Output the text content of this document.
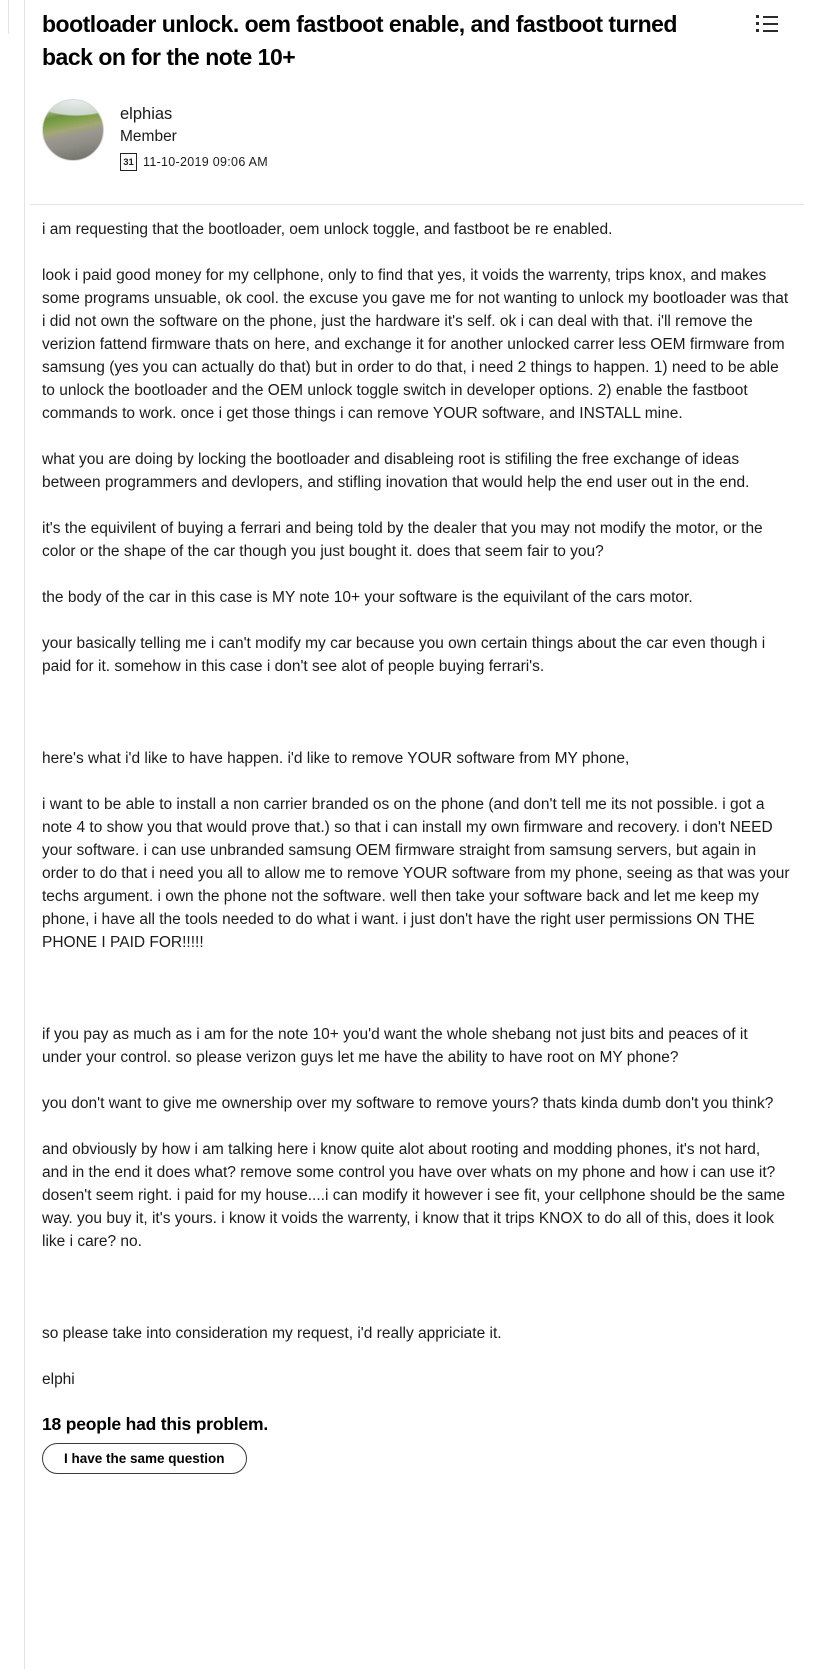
bootloader unlock. oem fastboot enable, and fastboot turned back on for the note 10+
elphias
Member
31 11-10-2019 09:06 AM

i am requesting that the bootloader, oem unlock toggle, and fastboot be re enabled.

look i paid good money for my cellphone, only to find that yes, it voids the warrenty, trips knox, and makes some programs unsuable, ok cool. the excuse you gave me for not wanting to unlock my bootloader was that i did not own the software on the phone, just the hardware it's self. ok i can deal with that. i'll remove the verizion fattend firmware thats on here, and exchange it for another unlocked carrer less OEM firmware from samsung (yes you can actually do that) but in order to do that, i need 2 things to happen. 1) need to be able to unlock the bootloader and the OEM unlock toggle switch in developer options. 2) enable the fastboot commands to work. once i get those things i can remove YOUR software, and INSTALL mine.

what you are doing by locking the bootloader and disableing root is stifiling the free exchange of ideas between programmers and devlopers, and stifling inovation that would help the end user out in the end.

it's the equivilent of buying a ferrari and being told by the dealer that you may not modify the motor, or the color or the shape of the car though you just bought it. does that seem fair to you?

the body of the car in this case is MY note 10+ your software is the equivilant of the cars motor.

your basically telling me i can't modify my car because you own certain things about the car even though i paid for it. somehow in this case i don't see alot of people buying ferrari's.

here's what i'd like to have happen. i'd like to remove YOUR software from MY phone,

i want to be able to install a non carrier branded os on the phone (and don't tell me its not possible. i got a note 4 to show you that would prove that.) so that i can install my own firmware and recovery. i don't NEED your software. i can use unbranded samsung OEM firmware straight from samsung servers, but again in order to do that i need you all to allow me to remove YOUR software from my phone, seeing as that was your techs argument. i own the phone not the software. well then take your software back and let me keep my phone, i have all the tools needed to do what i want. i just don't have the right user permissions ON THE PHONE I PAID FOR!!!!!

if you pay as much as i am for the note 10+ you'd want the whole shebang not just bits and peaces of it under your control. so please verizon guys let me have the ability to have root on MY phone?

you don't want to give me ownership over my software to remove yours? thats kinda dumb don't you think?

and obviously by how i am talking here i know quite alot about rooting and modding phones, it's not hard, and in the end it does what? remove some control you have over whats on my phone and how i can use it? dosen't seem right. i paid for my house....i can modify it however i see fit, your cellphone should be the same way. you buy it, it's yours. i know it voids the warrenty, i know that it trips KNOX to do all of this, does it look like i care? no.

so please take into consideration my request, i'd really appriciate it.

elphi

18 people had this problem.
I have the same question
